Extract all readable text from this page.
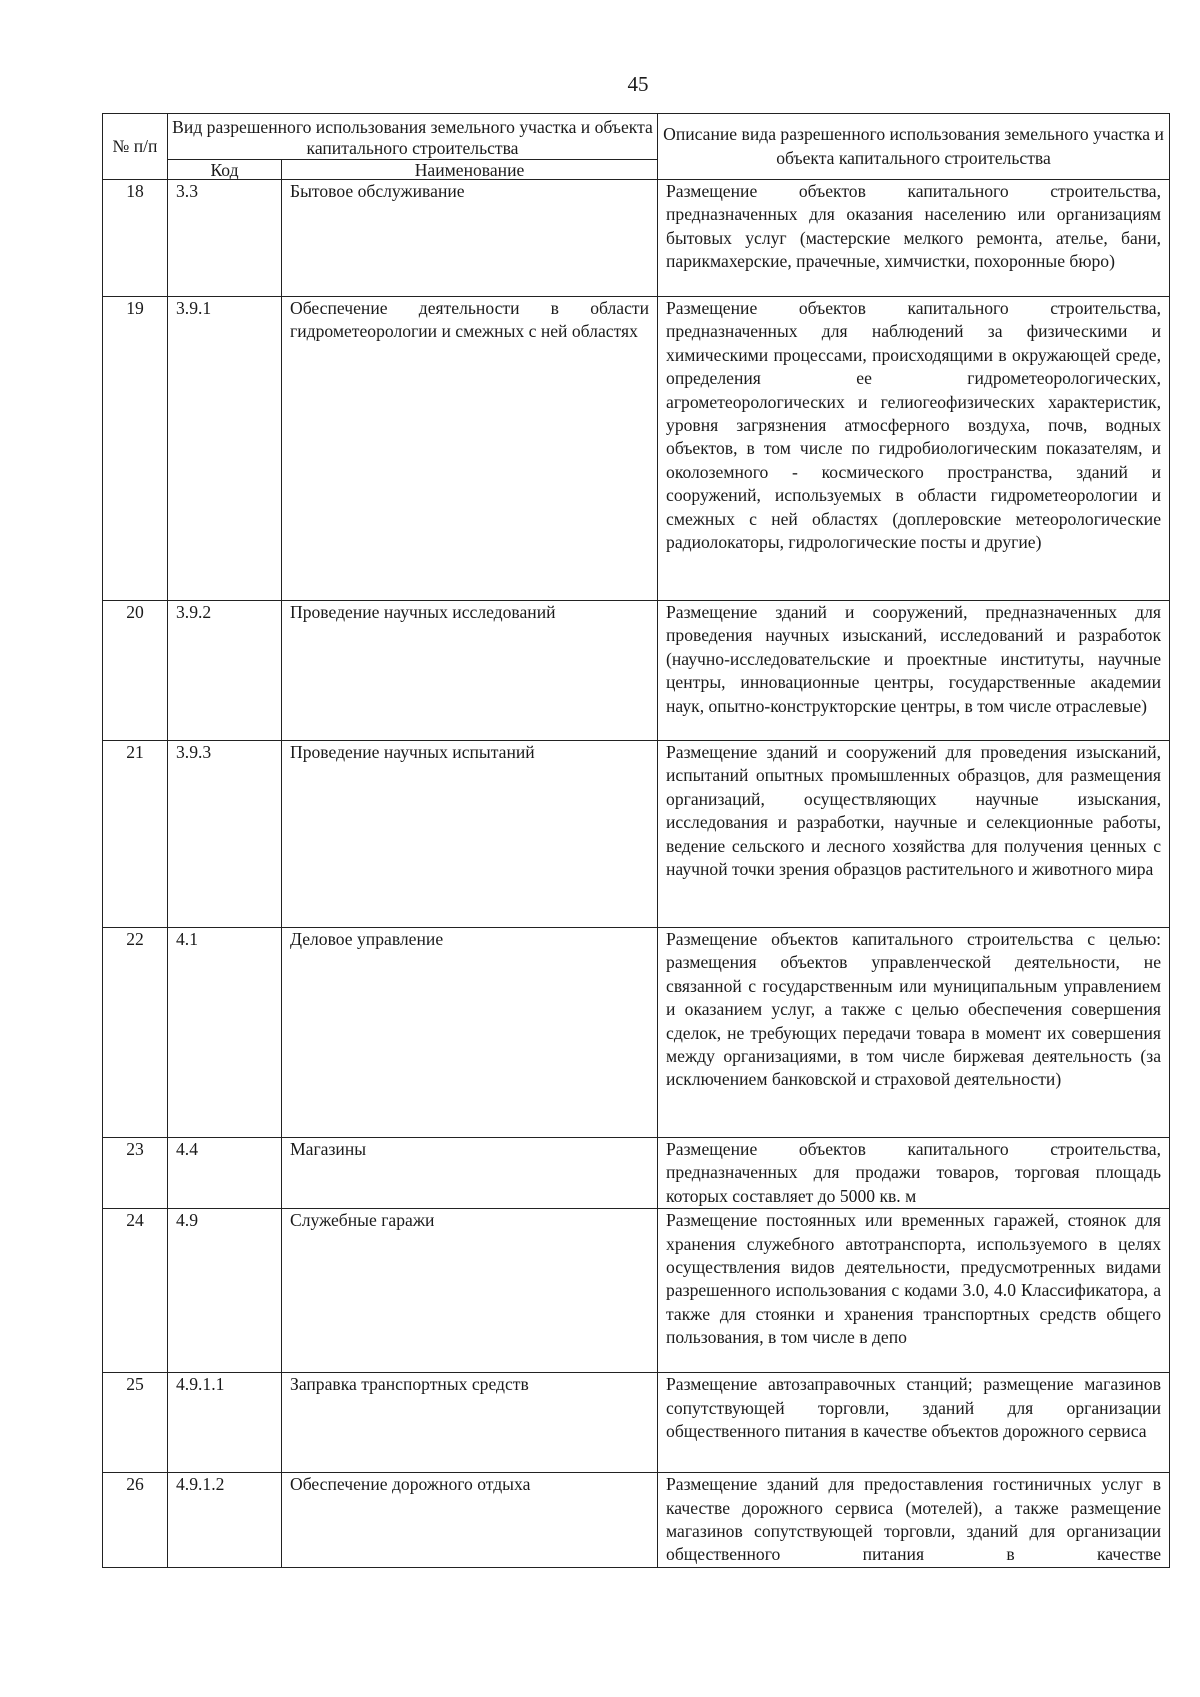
45
№ п/п	Вид разрешенного использования земельного участка и объекта капитального строительства		Описание вида разрешенного использования земельного участка и объекта капитального строительства
	Код	Наименование	
18	3.3	Бытовое обслуживание	Размещение объектов капитального строительства, предназначенных для оказания населению или организациям бытовых услуг (мастерские мелкого ремонта, ателье, бани, парикмахерские, прачечные, химчистки, похоронные бюро)
19	3.9.1	Обеспечение деятельности в области гидрометеорологии и смежных с ней областях	Размещение объектов капитального строительства, предназначенных для наблюдений за физическими и химическими процессами, происходящими в окружающей среде, определения ее гидрометеорологических, агрометеорологических и гелиогеофизических характеристик, уровня загрязнения атмосферного воздуха, почв, водных объектов, в том числе по гидробиологическим показателям, и околоземного - космического пространства, зданий и сооружений, используемых в области гидрометеорологии и смежных с ней областях (доплеровские метеорологические радиолокаторы, гидрологические посты и другие)
20	3.9.2	Проведение научных исследований	Размещение зданий и сооружений, предназначенных для проведения научных изысканий, исследований и разработок (научно-исследовательские и проектные институты, научные центры, инновационные центры, государственные академии наук, опытно-конструкторские центры, в том числе отраслевые)
21	3.9.3	Проведение научных испытаний	Размещение зданий и сооружений для проведения изысканий, испытаний опытных промышленных образцов, для размещения организаций, осуществляющих научные изыскания, исследования и разработки, научные и селекционные работы, ведение сельского и лесного хозяйства для получения ценных с научной точки зрения образцов растительного и животного мира
22	4.1	Деловое управление	Размещение объектов капитального строительства с целью: размещения объектов управленческой деятельности, не связанной с государственным или муниципальным управлением и оказанием услуг, а также с целью обеспечения совершения сделок, не требующих передачи товара в момент их совершения между организациями, в том числе биржевая деятельность (за исключением банковской и страховой деятельности)
23	4.4	Магазины	Размещение объектов капитального строительства, предназначенных для продажи товаров, торговая площадь которых составляет до 5000 кв. м
24	4.9	Служебные гаражи	Размещение постоянных или временных гаражей, стоянок для хранения служебного автотранспорта, используемого в целях осуществления видов деятельности, предусмотренных видами разрешенного использования с кодами 3.0, 4.0 Классификатора, а также для стоянки и хранения транспортных средств общего пользования, в том числе в депо
25	4.9.1.1	Заправка транспортных средств	Размещение автозаправочных станций; размещение магазинов сопутствующей торговли, зданий для организации общественного питания в качестве объектов дорожного сервиса
26	4.9.1.2	Обеспечение дорожного отдыха	Размещение зданий для предоставления гостиничных услуг в качестве дорожного сервиса (мотелей), а также размещение магазинов сопутствующей торговли, зданий для организации общественного питания в качестве
